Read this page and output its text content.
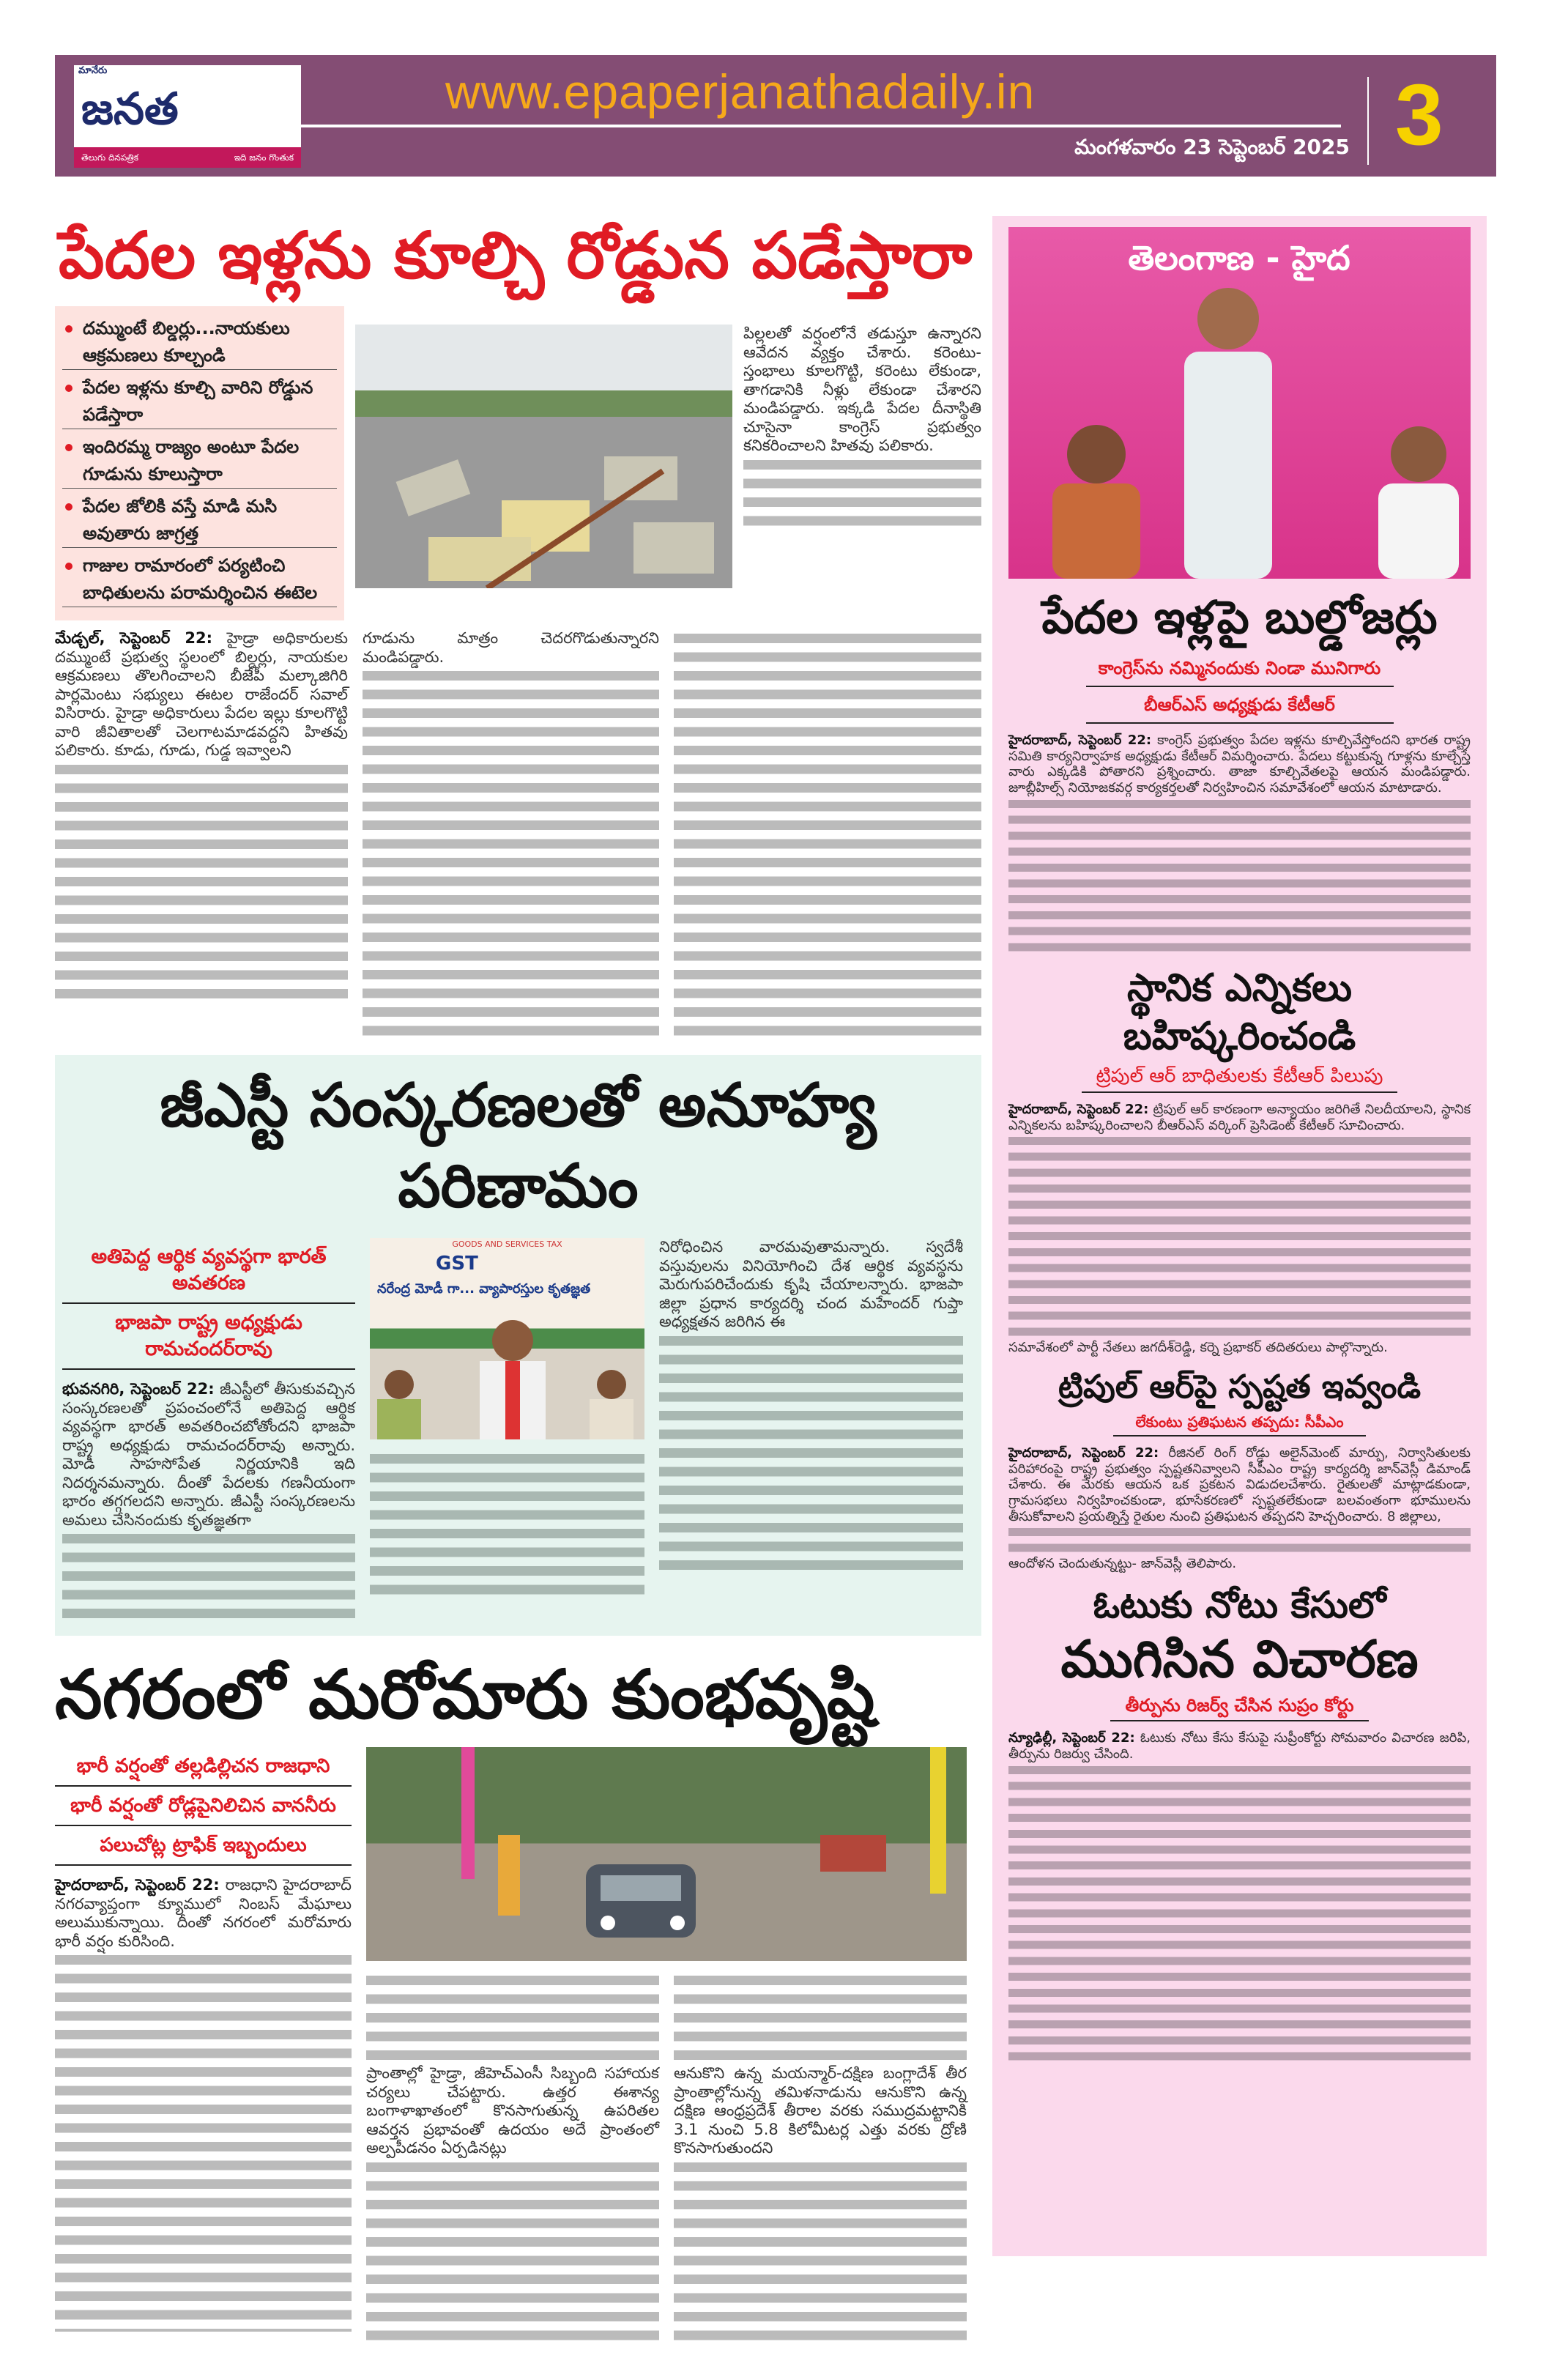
మానేరు
జనత
తెలుగు దినపత్రిక	ఇది జనం గొంతుక
www.epaperjanathadaily.in
మంగళవారం 23 సెప్టెంబర్ 2025 3
పేదల ఇళ్లను కూల్చి రోడ్డున పడేస్తారా
దమ్ముంటే బిల్డర్లు...నాయకులు ఆక్రమణలు కూల్చండి
పేదల ఇళ్లను కూల్చి వారిని రోడ్డున పడేస్తారా
ఇందిరమ్మ రాజ్యం అంటూ పేదల గూడును కూలుస్తారా
పేదల జోలికి వస్తే మాడి మసి అవుతారు జాగ్రత్త
గాజుల రామారంలో పర్యటించి బాధితులను పరామర్శించిన ఈటెల
పిల్లలతో వర్షంలోనే తడుస్తూ ఉన్నారని ఆవేదన వ్యక్తం చేశారు. కరెంటు- స్తంభాలు కూలగొట్టి, కరెంటు లేకుండా, తాగడానికి నీళ్లు లేకుండా చేశారని మండిపడ్డారు. ఇక్కడి పేదల దీనాస్థితి చూసైనా కాంగ్రెస్ ప్రభుత్వం కనికరించాలని హితవు పలికారు.
మేడ్చల్, సెప్టెంబర్ 22: హైడ్రా అధికారులకు దమ్ముంటే ప్రభుత్వ స్థలంలో బిల్డర్లు, నాయకుల ఆక్రమణలు తొలగించాలని బీజేపీ మల్కాజిగిరి పార్లమెంటు సభ్యులు ఈటల రాజేందర్ సవాల్ విసిరారు. హైడ్రా అధికారులు పేదల ఇల్లు కూలగొట్టి వారి జీవితాలతో చెలగాటమాడవద్దని హితవు పలికారు. కూడు, గూడు, గుడ్డ ఇవ్వాలని
గూడును మాత్రం చెదరగొడుతున్నారని మండిపడ్డారు.
జీఎస్టీ సంస్కరణలతో అనూహ్య పరిణామం
అతిపెద్ద ఆర్థిక వ్యవస్థగా భారత్ అవతరణ
భాజపా రాష్ట్ర అధ్యక్షుడు రామచందర్‌రావు
భువనగిరి, సెప్టెంబర్ 22: జీఎస్టీలో తీసుకువచ్చిన సంస్కరణలతో ప్రపంచంలోనే అతిపెద్ద ఆర్థిక వ్యవస్థగా భారత్ అవతరించబోతోందని భాజపా రాష్ట్ర అధ్యక్షుడు రామచందర్‌రావు అన్నారు. మోడీ సాహసోపేత నిర్ణయానికి ఇది నిదర్శనమన్నారు. దీంతో పేదలకు గణనీయంగా భారం తగ్గగలదని అన్నారు. జీఎస్టీ సంస్కరణలను అమలు చేసినందుకు కృతజ్ఞతగా
GOODS AND SERVICES TAX
GST
నరేంద్ర మోడీ గా... వ్యాపారస్తుల కృతజ్ఞత
నిరోధించిన వారమవుతామన్నారు. స్వదేశీ వస్తువులను వినియోగించి దేశ ఆర్థిక వ్యవస్థను మెరుగుపరిచేందుకు కృషి చేయాలన్నారు. భాజపా జిల్లా ప్రధాన కార్యదర్శి చంద మహేందర్ గుప్తా అధ్యక్షతన జరిగిన ఈ
నగరంలో మరోమారు కుంభవృష్టి
భారీ వర్షంతో తల్లడిల్లిచన రాజధాని
భారీ వర్షంతో రోడ్లపైనిలిచిన వాననీరు
పలుచోట్ల ట్రాఫిక్ ఇబ్బందులు
హైదరాబాద్, సెప్టెంబర్ 22: రాజధాని హైదరాబాద్ నగరవ్యాప్తంగా క్యూములో నింబస్ మేఘాలు అలుముకున్నాయి. దీంతో నగరంలో మరోమారు భారీ వర్షం కురిసింది.
ప్రాంతాల్లో హైడ్రా, జీహెచ్ఎంసీ సిబ్బంది సహాయక చర్యలు చేపట్టారు. ఉత్తర ఈశాన్య బంగాళాఖాతంలో కొనసాగుతున్న ఉపరితల ఆవర్తన ప్రభావంతో ఉదయం అదే ప్రాంతంలో అల్పపీడనం ఏర్పడినట్లు
ఆనుకొని ఉన్న మయన్మార్-దక్షిణ బంగ్లాదేశ్ తీర ప్రాంతాల్లోనున్న తమిళనాడును ఆనుకొని ఉన్న దక్షిణ ఆంధ్రప్రదేశ్ తీరాల వరకు సముద్రమట్టానికి 3.1 నుంచి 5.8 కిలోమీటర్ల ఎత్తు వరకు ద్రోణి కొనసాగుతుందని
తెలంగాణ - హైద
పేదల ఇళ్లపై బుల్డోజర్లు
కాంగ్రెస్‌ను నమ్మినందుకు నిండా మునిగారు
బీఆర్ఎస్ అధ్యక్షుడు కేటీఆర్
హైదరాబాద్, సెప్టెంబర్ 22: కాంగ్రెస్ ప్రభుత్వం పేదల ఇళ్లను కూల్చివేస్తోందని భారత రాష్ట్ర సమితి కార్యనిర్వాహక అధ్యక్షుడు కేటీఆర్ విమర్శించారు. పేదలు కట్టుకున్న గూళ్లను కూల్చేస్తే వారు ఎక్కడికి పోతారని ప్రశ్నించారు. తాజా కూల్చివేతలపై ఆయన మండిపడ్డారు. జూబ్లీహిల్స్ నియోజకవర్గ కార్యకర్తలతో నిర్వహించిన సమావేశంలో ఆయన మాటాడారు.
స్థానిక ఎన్నికలు బహిష్కరించండి
ట్రిపుల్ ఆర్ బాధితులకు కేటీఆర్ పిలుపు
హైదరాబాద్, సెప్టెంబర్ 22: ట్రిపుల్ ఆర్ కారణంగా అన్యాయం జరిగితే నిలదీయాలని, స్థానిక ఎన్నికలను బహిష్కరించాలని బీఆర్ఎస్ వర్కింగ్ ప్రెసిడెంట్ కేటీఆర్ సూచించారు.
సమావేశంలో పార్టీ నేతలు జగదీశ్‌రెడ్డి, కర్నె ప్రభాకర్ తదితరులు పాల్గొన్నారు.
ట్రిపుల్ ఆర్‌పై స్పష్టత ఇవ్వండి
లేకుంటు ప్రతిఘటన తప్పదు: సీపీఎం
హైదరాబాద్, సెప్టెంబర్ 22: రీజినల్ రింగ్ రోడ్డు అలైన్‌మెంట్ మార్పు, నిర్వాసితులకు పరిహారంపై రాష్ట్ర ప్రభుత్వం స్పష్టతనివ్వాలని సీపీఎం రాష్ట్ర కార్యదర్శి జాన్‌వెస్లీ డిమాండ్ చేశారు. ఈ మేరకు ఆయన ఒక ప్రకటన విడుదలచేశారు. రైతులతో మాట్లాడకుండా, గ్రామసభలు నిర్వహించకుండా, భూసేకరణలో స్పష్టతలేకుండా బలవంతంగా భూములను తీసుకోవాలని ప్రయత్నిస్తే రైతుల నుంచి ప్రతిఘటన తప్పదని హెచ్చరించారు. 8 జిల్లాలు,
ఆందోళన చెందుతున్నట్టు- జాన్‌వెస్లీ తెలిపారు.
ఓటుకు నోటు కేసులో
ముగిసిన విచారణ
తీర్పును రిజర్వ్ చేసిన సుప్రం కోర్టు
న్యూఢిల్లీ, సెప్టెంబర్ 22: ఓటుకు నోటు కేసు కేసుపై సుప్రీంకోర్టు సోమవారం విచారణ జరిపి, తీర్పును రిజర్వు చేసింది.
